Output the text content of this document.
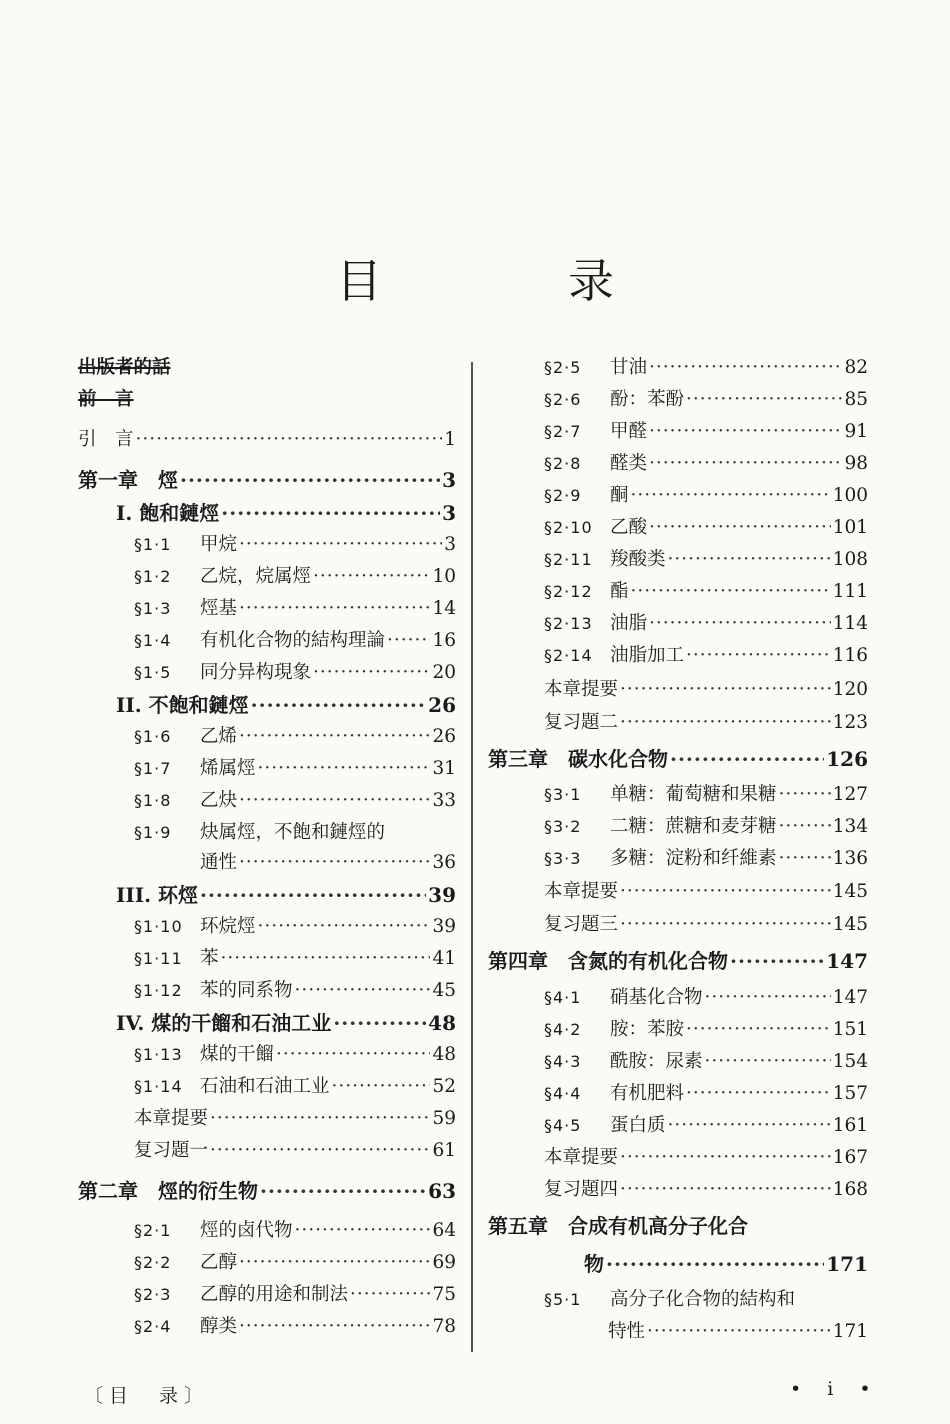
目　录
出版者的話
前　言
引　言 ·····	1
第一章　烴 ·····	3
I. 飽和鏈烴 ·····	3
§1·1 甲烷 ·····	3
§1·2 乙烷，烷属烴 ·····	10
§1·3 烴基 ·····	14
§1·4 有机化合物的結构理論 ·····	16
§1·5 同分异构現象 ·····	20
II. 不飽和鏈烴 ·····	26
§1·6 乙烯 ·····	26
§1·7 烯属烴 ·····	31
§1·8 乙炔 ·····	33
§1·9 炔属烴，不飽和鏈烴的
通性 ·····	36
III. 环烴 ·····	39
§1·10 环烷烴 ·····	39
§1·11 苯 ·····	41
§1·12 苯的同系物 ·····	45
IV. 煤的干餾和石油工业 ·····	48
§1·13 煤的干餾 ·····	48
§1·14 石油和石油工业 ·····	52
本章提要 ·····	59
复习題一 ·····	61
第二章　烴的衍生物 ·····	63
§2·1 烴的卤代物 ·····	64
§2·2 乙醇 ·····	69
§2·3 乙醇的用途和制法 ·····	75
§2·4 醇类 ·····	78
§2·5 甘油 ·····	82
§2·6 酚：苯酚 ·····	85
§2·7 甲醛 ·····	91
§2·8 醛类 ·····	98
§2·9 酮 ·····	100
§2·10 乙酸 ·····	101
§2·11 羧酸类 ·····	108
§2·12 酯 ·····	111
§2·13 油脂 ·····	114
§2·14 油脂加工 ·····	116
本章提要 ·····	120
复习題二 ·····	123
第三章　碳水化合物 ·····	126
§3·1 单糖：葡萄糖和果糖 ·····	127
§3·2 二糖：蔗糖和麦芽糖 ·····	134
§3·3 多糖：淀粉和纤維素 ·····	136
本章提要 ·····	145
复习題三 ·····	145
第四章　含氮的有机化合物 ·····	147
§4·1 硝基化合物 ·····	147
§4·2 胺：苯胺 ·····	151
§4·3 酰胺：尿素 ·····	154
§4·4 有机肥料 ·····	157
§4·5 蛋白质 ·····	161
本章提要 ·····	167
复习題四 ·····	168
第五章　合成有机高分子化合
物 ·····	171
§5·1 高分子化合物的結构和
特性 ·····	171
〔目　录〕	• i •
